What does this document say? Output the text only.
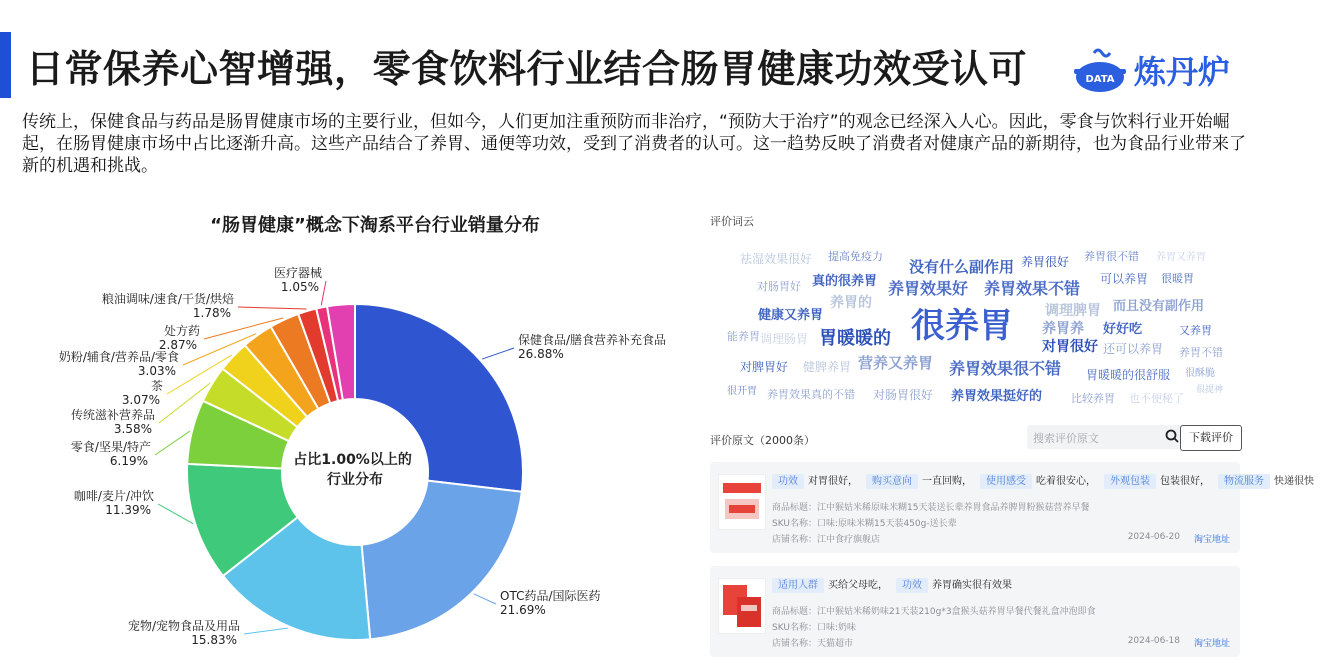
日常保养心智增强，零食饮料行业结合肠胃健康功效受认可	DATA 炼丹炉
传统上，保健食品与药品是肠胃健康市场的主要行业，但如今，人们更加注重预防而非治疗，“预防大于治疗”的观念已经深入人心。因此，零食与饮料行业开始崛起，在肠胃健康市场中占比逐渐升高。这些产品结合了养胃、通便等功效，受到了消费者的认可。这一趋势反映了消费者对健康产品的新期待，也为食品行业带来了新的机遇和挑战。
“肠胃健康”概念下淘系平台行业销量分布
保健食品/膳食营养补充食品
26.88%
OTC药品/国际医药
21.69%
宠物/宠物食品及用品
15.83%
咖啡/麦片/冲饮
11.39%
零食/坚果/特产
6.19%
传统滋补营养品
3.58%
茶
3.07%
奶粉/辅食/营养品/零食
3.03%
处方药
2.87%
粮油调味/速食/干货/烘焙
1.78%
医疗器械
1.05%
占比1.00%以上的 行业分布
评价词云
祛湿效果很好 提高免疫力
没有什么副作用 养胃很好 养胃很不错 养胃又养胃
对肠胃好 真的很养胃 养胃效果好 养胃效果不错 可以养胃 很暖胃
养胃的	调理脾胃 而且没有副作用
健康又养胃	很养胃 养胃养 好好吃
能养胃 调理肠胃 胃暖暖的	对胃很好
又养胃
还可以养胃 养胃不错
对脾胃好 健脾养胃 营养又养胃 养胃效果很不错 胃暖暖的很舒服 很酥脆
很开胃 养胃效果真的不错 对肠胃很好 养胃效果挺好的	比较养胃 也不便秘了
很提神
评价原文（2000条）	搜索评价原文	下载评价
功效 对胃很好， 购买意向 一直回购， 使用感受 吃着很安心， 外观包装 包装很好， 物流服务 快递很快
商品标题：江中猴姑米稀原味米糊15天装送长辈养胃食品养脾胃粉猴菇营养早餐
SKU名称：口味:原味米糊15天装450g-送长辈
店铺名称：江中食疗旗舰店	2024-06-20 淘宝地址
适用人群 买给父母吃， 功效 养胃确实很有效果
商品标题：江中猴姑米稀奶味21天装210g*3盒猴头菇养胃早餐代餐礼盒冲泡即食
SKU名称：口味:奶味
店铺名称：天猫超市	2024-06-18 淘宝地址
